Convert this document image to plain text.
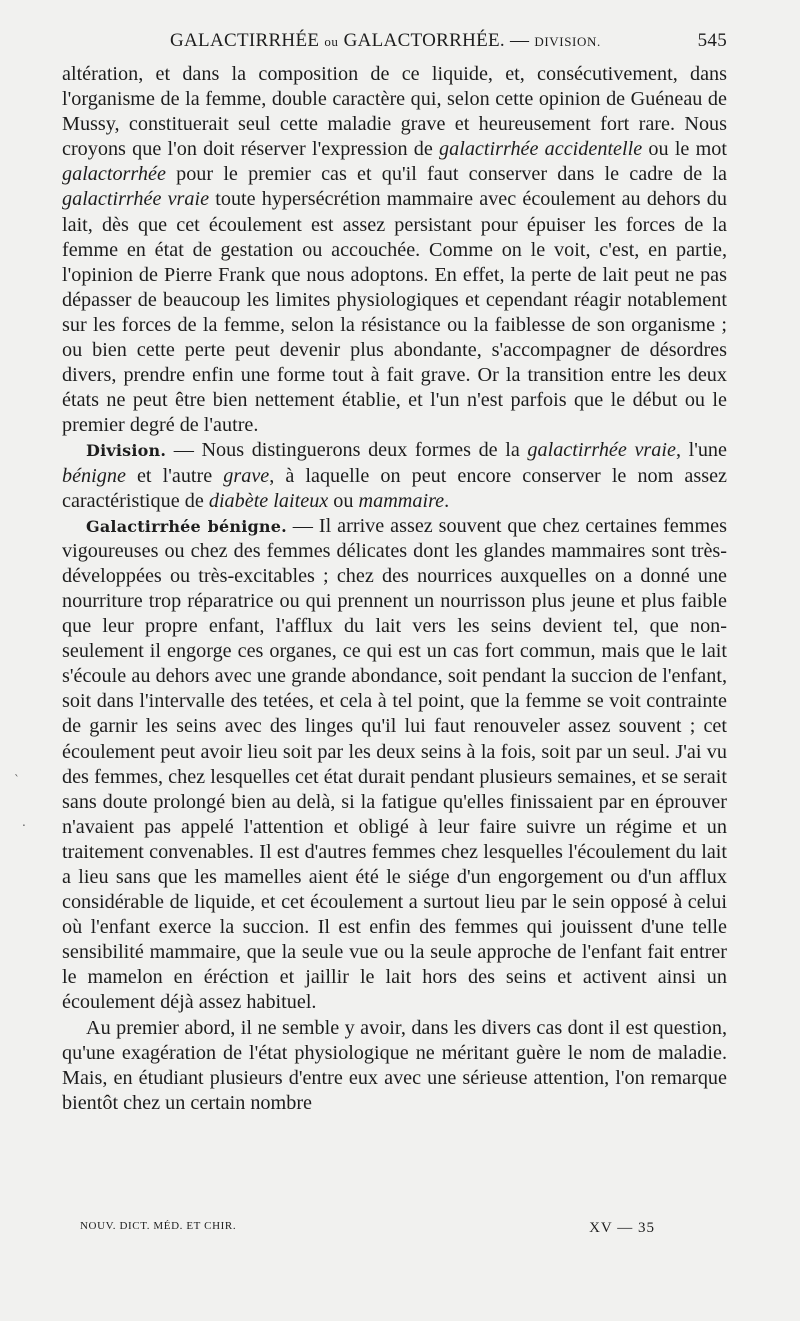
GALACTIRRHÉE ou GALACTORRHÉE. — DIVISION.	545

altération, et dans la composition de ce liquide, et, consécutivement, dans l'organisme de la femme, double caractère qui, selon cette opinion de Guéneau de Mussy, constituerait seul cette maladie grave et heureusement fort rare. Nous croyons que l'on doit réserver l'expression de galactirrhée accidentelle ou le mot galactorrhée pour le premier cas et qu'il faut conserver dans le cadre de la galactirrhée vraie toute hypersécrétion mammaire avec écoulement au dehors du lait, dès que cet écoulement est assez persistant pour épuiser les forces de la femme en état de gestation ou accouchée. Comme on le voit, c'est, en partie, l'opinion de Pierre Frank que nous adoptons. En effet, la perte de lait peut ne pas dépasser de beaucoup les limites physiologiques et cependant réagir notablement sur les forces de la femme, selon la résistance ou la faiblesse de son organisme ; ou bien cette perte peut devenir plus abondante, s'accompagner de désordres divers, prendre enfin une forme tout à fait grave. Or la transition entre les deux états ne peut être bien nettement établie, et l'un n'est parfois que le début ou le premier degré de l'autre.

Division. — Nous distinguerons deux formes de la galactirrhée vraie, l'une bénigne et l'autre grave, à laquelle on peut encore conserver le nom assez caractéristique de diabète laiteux ou mammaire.

Galactirrhée bénigne. — Il arrive assez souvent que chez certaines femmes vigoureuses ou chez des femmes délicates dont les glandes mammaires sont très-développées ou très-excitables ; chez des nourrices auxquelles on a donné une nourriture trop réparatrice ou qui prennent un nourrisson plus jeune et plus faible que leur propre enfant, l'afflux du lait vers les seins devient tel, que non-seulement il engorge ces organes, ce qui est un cas fort commun, mais que le lait s'écoule au dehors avec une grande abondance, soit pendant la succion de l'enfant, soit dans l'intervalle des tetées, et cela à tel point, que la femme se voit contrainte de garnir les seins avec des linges qu'il lui faut renouveler assez souvent ; cet écoulement peut avoir lieu soit par les deux seins à la fois, soit par un seul. J'ai vu des femmes, chez lesquelles cet état durait pendant plusieurs semaines, et se serait sans doute prolongé bien au delà, si la fatigue qu'elles finissaient par en éprouver n'avaient pas appelé l'attention et obligé à leur faire suivre un régime et un traitement convenables. Il est d'autres femmes chez lesquelles l'écoulement du lait a lieu sans que les mamelles aient été le siége d'un engorgement ou d'un afflux considérable de liquide, et cet écoulement a surtout lieu par le sein opposé à celui où l'enfant exerce la succion. Il est enfin des femmes qui jouissent d'une telle sensibilité mammaire, que la seule vue ou la seule approche de l'enfant fait entrer le mamelon en éréction et jaillir le lait hors des seins et activent ainsi un écoulement déjà assez habituel.

Au premier abord, il ne semble y avoir, dans les divers cas dont il est question, qu'une exagération de l'état physiologique ne méritant guère le nom de maladie. Mais, en étudiant plusieurs d'entre eux avec une sérieuse attention, l'on remarque bientôt chez un certain nombre

`
.
NOUV. DICT. MÉD. ET CHIR.	XV — 35
